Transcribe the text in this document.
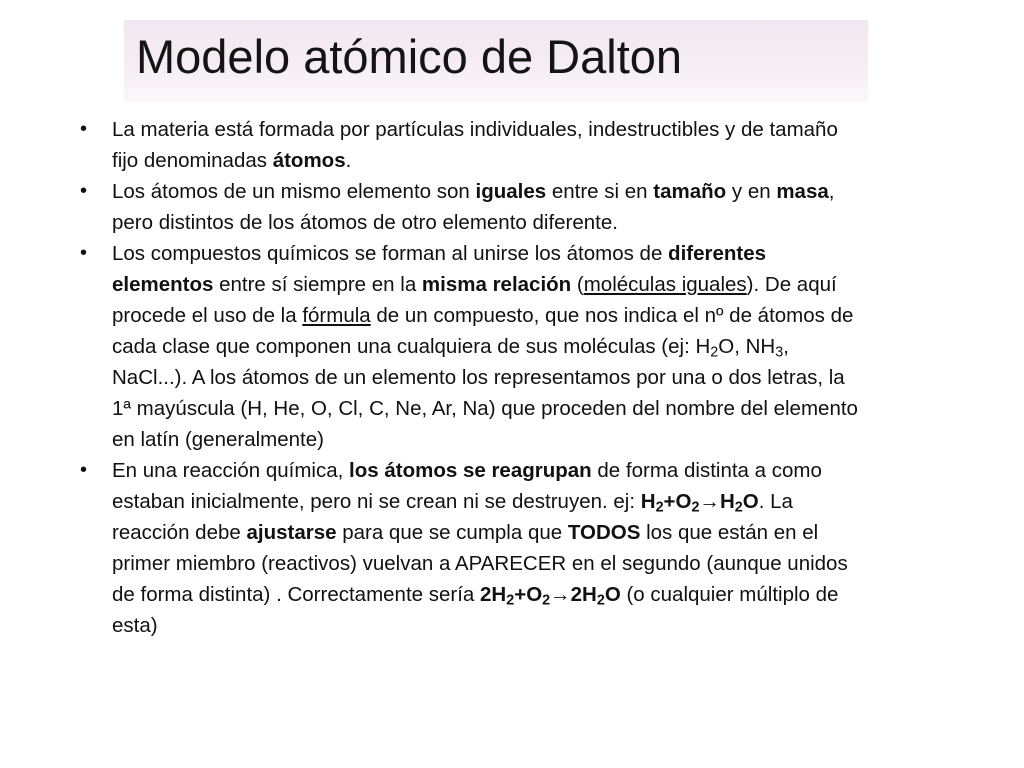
Modelo atómico de Dalton
•	La materia está formada por partículas individuales, indestructibles y de tamaño fijo denominadas átomos.
•	Los átomos de un mismo elemento son iguales entre si en tamaño y en masa, pero distintos de los átomos de otro elemento diferente.
•	Los compuestos químicos se forman al unirse los átomos de diferentes elementos entre sí siempre en la misma relación (moléculas iguales). De aquí procede el uso de la fórmula de un compuesto, que nos indica el nº de átomos de cada clase que componen una cualquiera de sus moléculas (ej: $H_2O$, $NH_3$, NaCl...). A los átomos de un elemento los representamos por una o dos letras, la 1ª mayúscula (H, He, O, Cl, C, Ne, Ar, Na) que proceden del nombre del elemento en latín (generalmente)
•	En una reacción química, los átomos se reagrupan de forma distinta a como estaban inicialmente, pero ni se crean ni se destruyen. ej: $H_2+O_2\to H_2O$. La reacción debe ajustarse para que se cumpla que TODOS los que están en el primer miembro (reactivos) vuelvan a APARECER en el segundo (aunque unidos de forma distinta) . Correctamente sería $2H_2+O_2\to 2H_2O$ (o cualquier múltiplo de esta)
